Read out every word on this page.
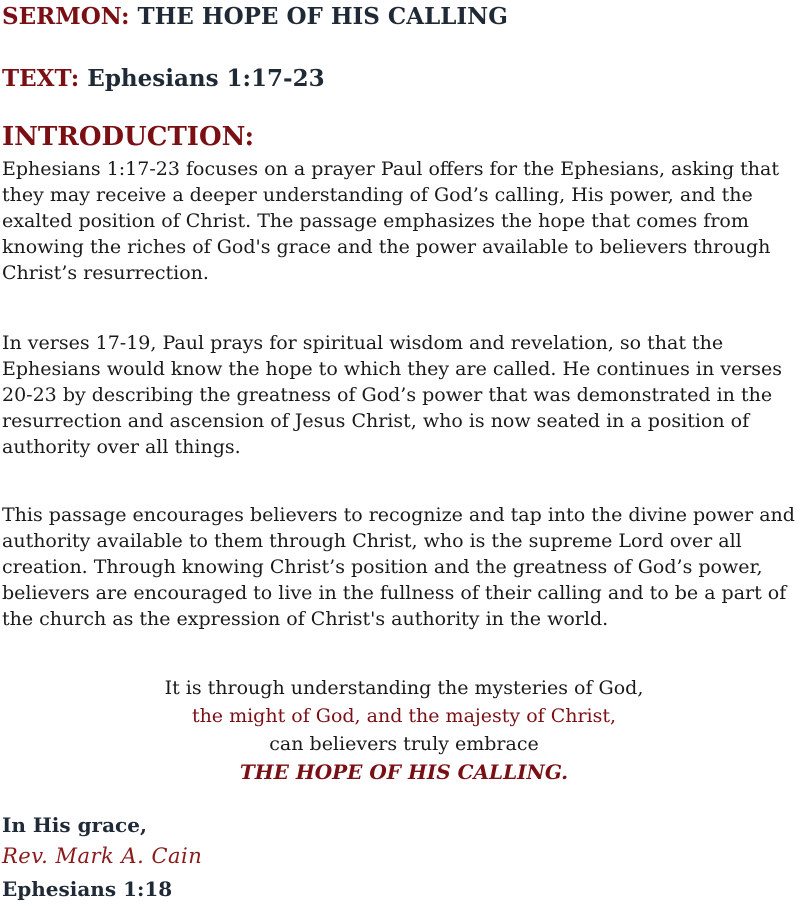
SERMON: THE HOPE OF HIS CALLING
TEXT: Ephesians 1:17-23
INTRODUCTION:

Ephesians 1:17-23 focuses on a prayer Paul offers for the Ephesians, asking that they may receive a deeper understanding of God’s calling, His power, and the exalted position of Christ. The passage emphasizes the hope that comes from knowing the riches of God's grace and the power available to believers through Christ’s resurrection.

In verses 17-19, Paul prays for spiritual wisdom and revelation, so that the Ephesians would know the hope to which they are called. He continues in verses 20-23 by describing the greatness of God’s power that was demonstrated in the resurrection and ascension of Jesus Christ, who is now seated in a position of authority over all things.

This passage encourages believers to recognize and tap into the divine power and authority available to them through Christ, who is the supreme Lord over all creation. Through knowing Christ’s position and the greatness of God’s power, believers are encouraged to live in the fullness of their calling and to be a part of the church as the expression of Christ's authority in the world.

It is through understanding the mysteries of God,
the might of God, and the majesty of Christ,
can believers truly embrace
THE HOPE OF HIS CALLING.
In His grace,
Rev. Mark A. Cain
Ephesians 1:18
